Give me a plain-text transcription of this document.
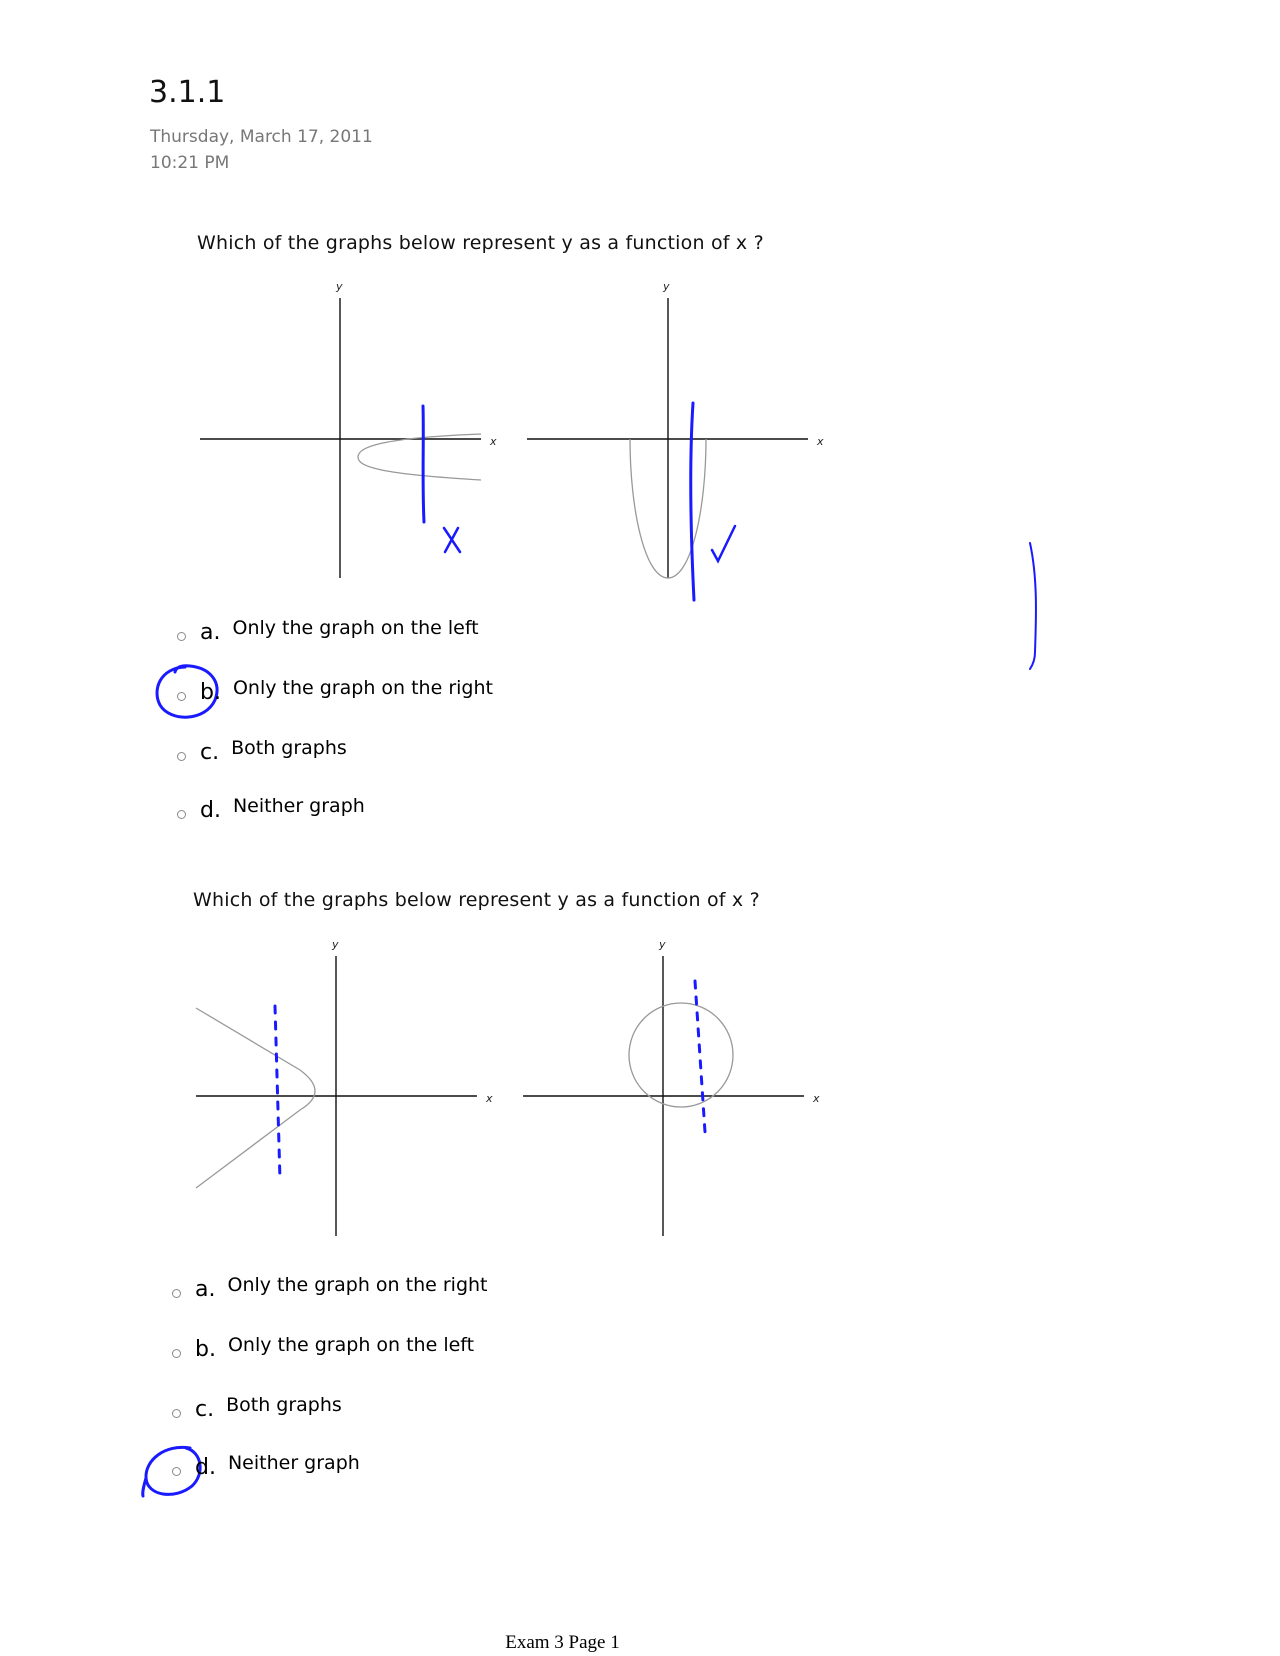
3.1.1
Thursday, March 17, 2011
10:21 PM
Which of the graphs below represent y as a function of x ?
y
x
y
x
y
x
y
x
a. Only the graph on the left
b. Only the graph on the right
c. Both graphs
d. Neither graph
Which of the graphs below represent y as a function of x ?
a. Only the graph on the right
b. Only the graph on the left
c. Both graphs
d. Neither graph
Exam 3 Page 1
